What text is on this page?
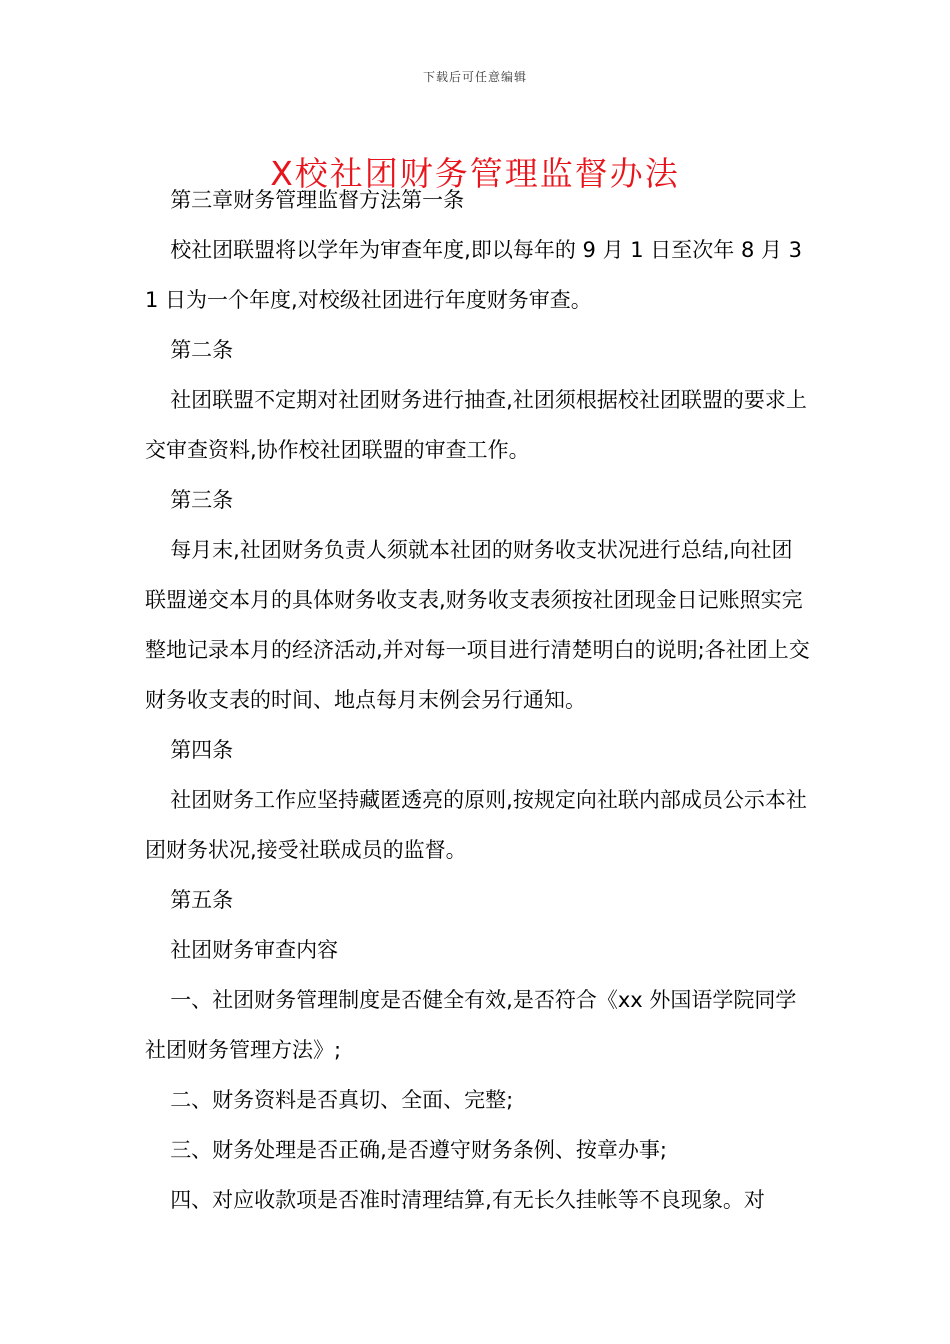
下载后可任意编辑
X校社团财务管理监督办法

第三章财务管理监督方法第一条

校社团联盟将以学年为审查年度,即以每年的 9 月 1 日至次年 8 月 31 日为一个年度,对校级社团进行年度财务审查。

第二条

社团联盟不定期对社团财务进行抽查,社团须根据校社团联盟的要求上交审查资料,协作校社团联盟的审查工作。

第三条

每月末,社团财务负责人须就本社团的财务收支状况进行总结,向社团联盟递交本月的具体财务收支表,财务收支表须按社团现金日记账照实完整地记录本月的经济活动,并对每一项目进行清楚明白的说明;各社团上交财务收支表的时间、地点每月末例会另行通知。

第四条

社团财务工作应坚持藏匿透亮的原则,按规定向社联内部成员公示本社团财务状况,接受社联成员的监督。

第五条

社团财务审查内容

一、社团财务管理制度是否健全有效,是否符合《xx 外国语学院同学社团财务管理方法》;

二、财务资料是否真切、全面、完整;

三、财务处理是否正确,是否遵守财务条例、按章办事;

四、对应收款项是否准时清理结算,有无长久挂帐等不良现象。对
